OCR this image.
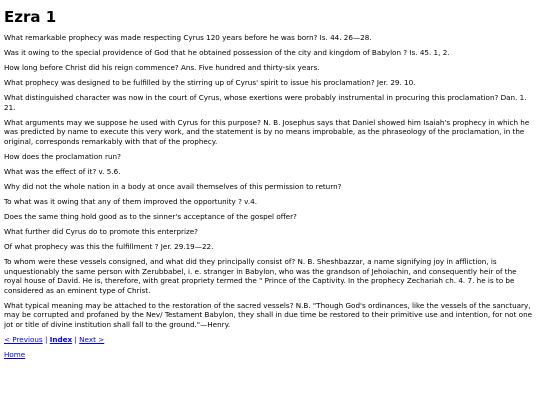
Ezra 1

What remarkable prophecy was made respecting Cyrus 120 years before he was born? Is. 44. 26—28.

Was it owing to the special providence of God that he obtained possession of the city and kingdom of Babylon ? Is. 45. 1, 2.

How long before Christ did his reign commence? Ans. Five hundred and thirty-six years.

What prophecy was designed to be fulfilled by the stirring up of Cyrus' spirit to issue his proclamation? Jer. 29. 10.

What distinguished character was now in the court of Cyrus, whose exertions were probably instrumental in procuring this proclamation? Dan. 1. 21.

What arguments may we suppose he used with Cyrus for this purpose? N. B. Josephus says that Daniel showed him Isaiah's prophecy in which he was predicted by name to execute this very work, and the statement is by no means improbable, as the phraseology of the proclamation, in the original, corresponds remarkably with that of the prophecy.

How does the proclamation run?

What was the effect of it? v. 5.6.

Why did not the whole nation in a body at once avail themselves of this permission to return?

To what was it owing that any of them improved the opportunity ? v.4.

Does the same thing hold good as to the sinner's acceptance of the gospel offer?

What further did Cyrus do to promote this enterprize?

Of what prophecy was this the fulfillment ? Jer. 29.19—22.

To whom were these vessels consigned, and what did they principally consist of? N. B. Sheshbazzar, a name signifying joy in affliction, is unquestionably the same person with Zerubbabel, i. e. stranger in Babylon, who was the grandson of Jehoiachin, and consequently heir of the royal house of David. He is, therefore, with great propriety termed the " Prince of the Captivity. In the prophecy Zechariah ch. 4. 7. he is to be considered as an eminent type of Christ.

What typical meaning may be attached to the restoration of the sacred vessels? N.B. "Though God's ordinances, like the vessels of the sanctuary, may be corrupted and profaned by the Nev/ Testament Babylon, they shall in due time be restored to their primitive use and intention, for not one jot or title of divine institution shall fall to the ground."—Henry.

< Previous | Index | Next >
Home
